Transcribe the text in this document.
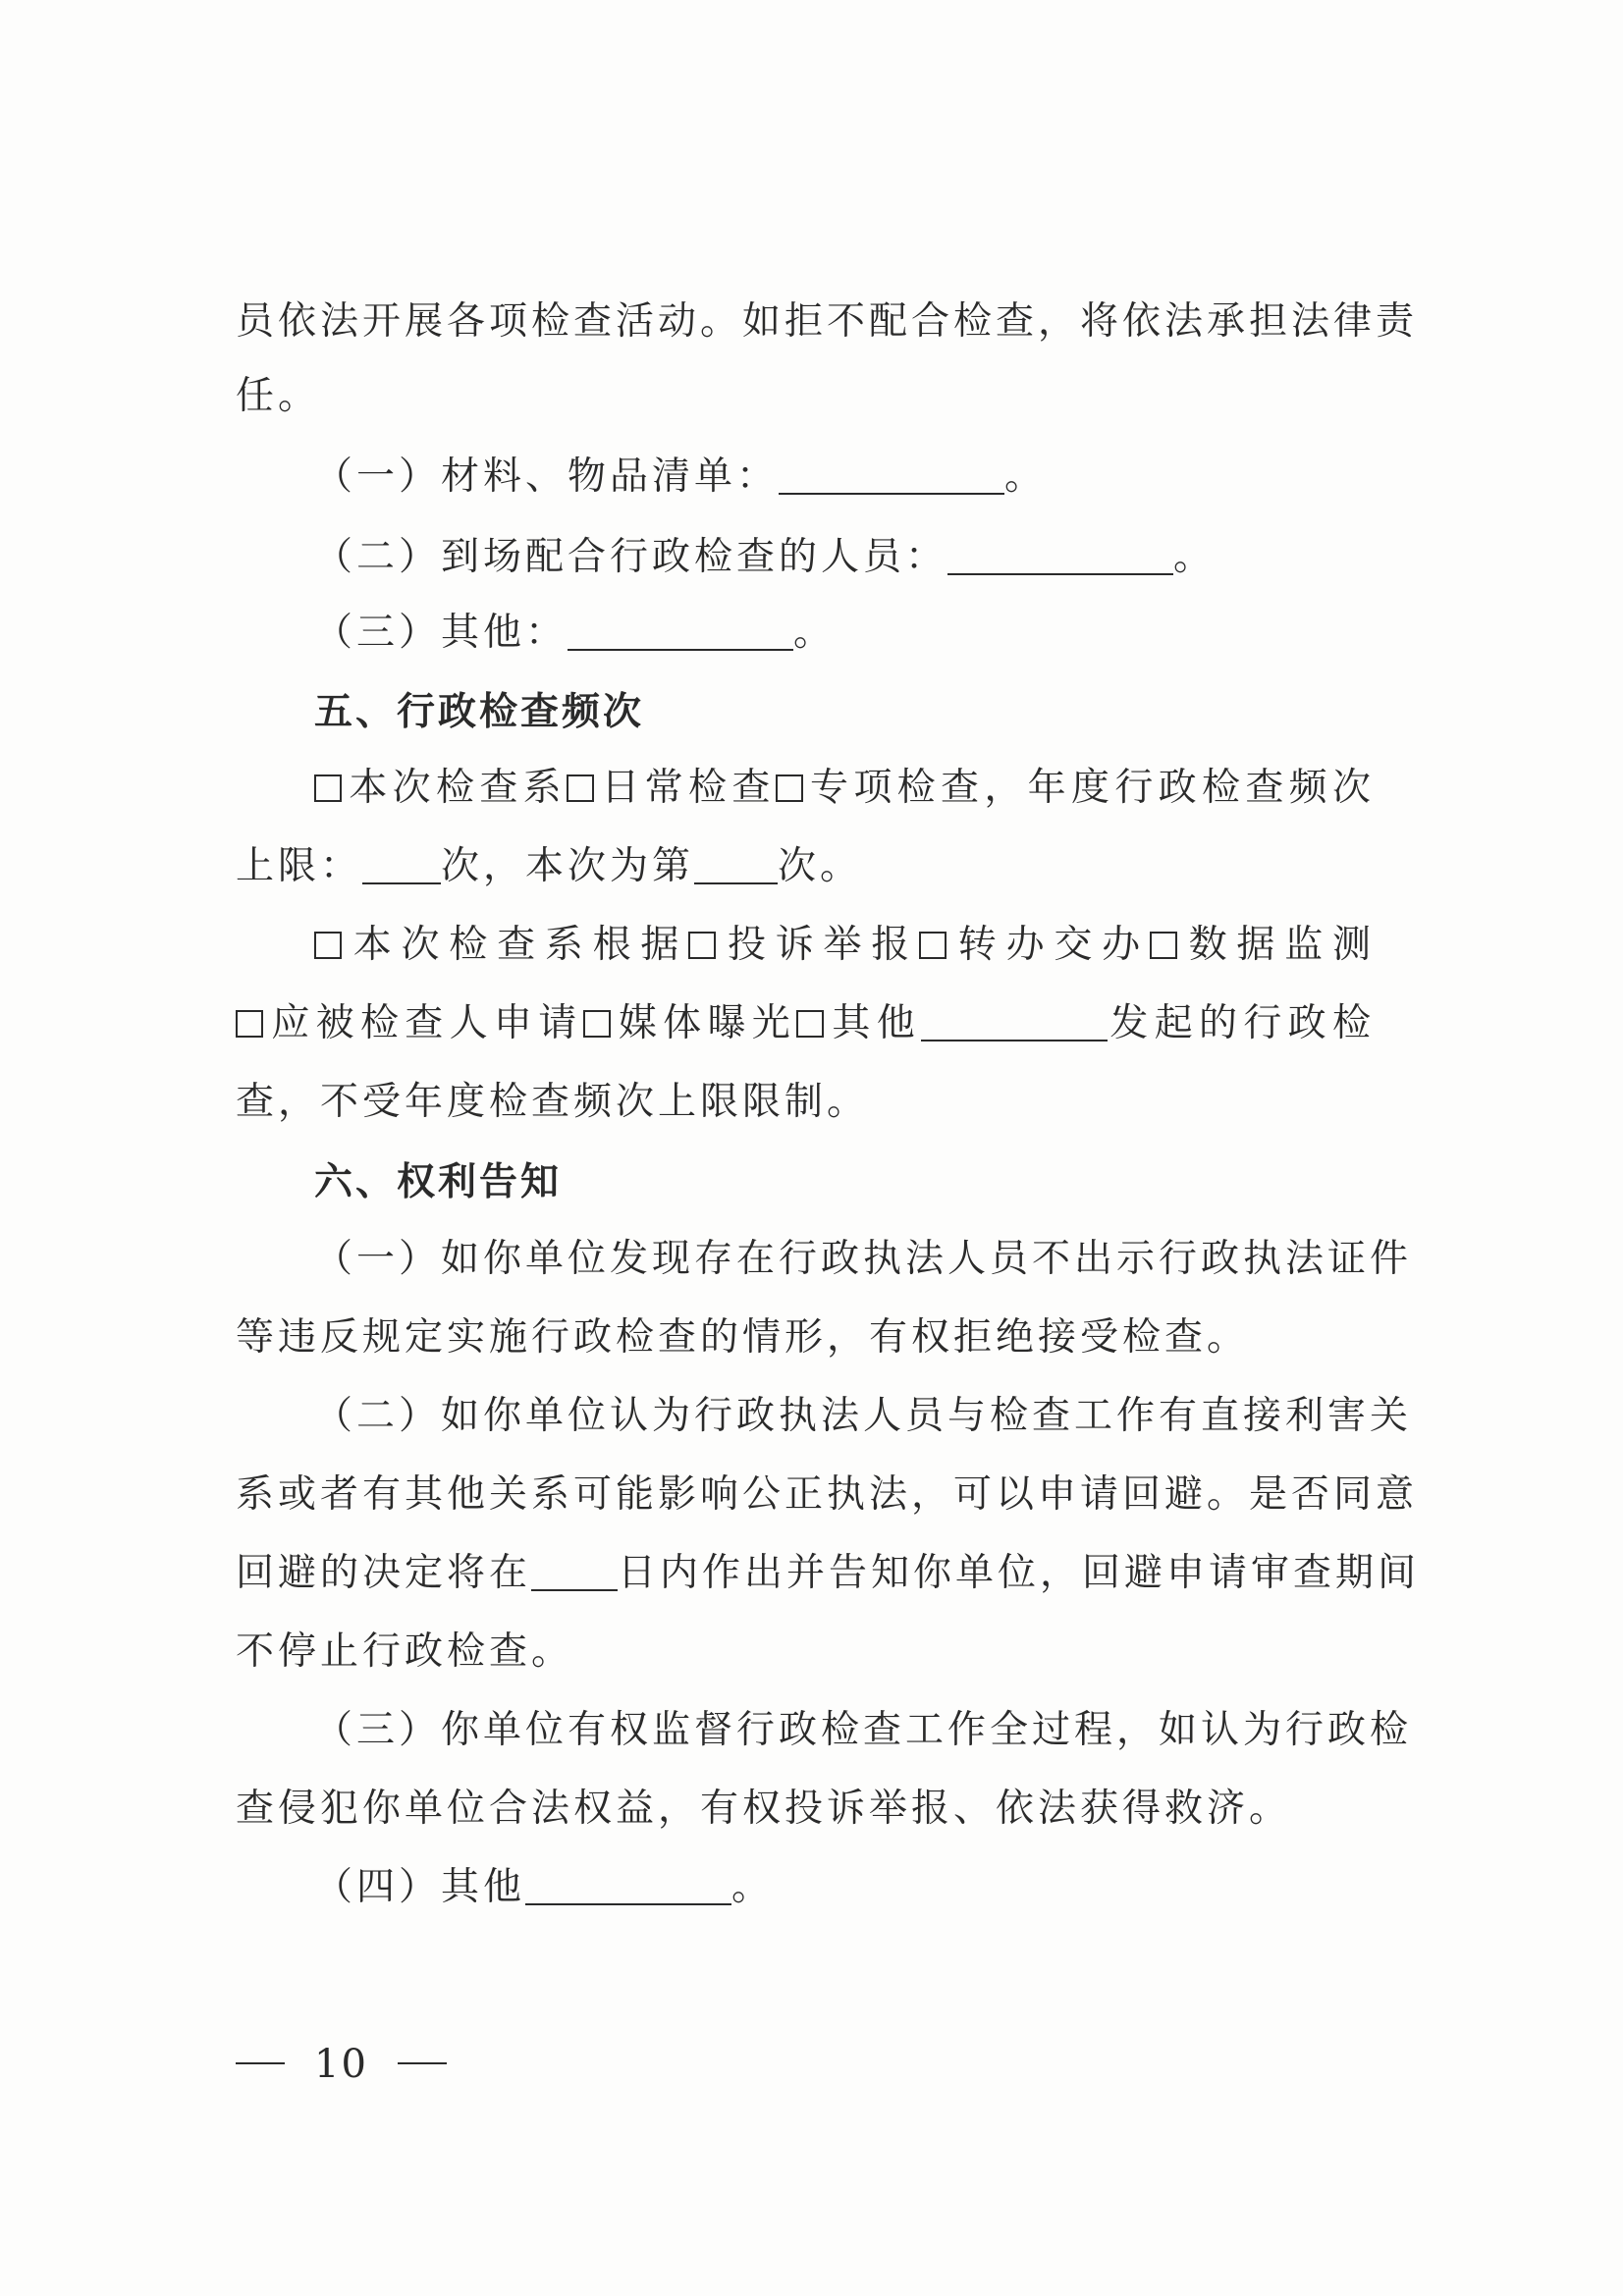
员依法开展各项检查活动。如拒不配合检查，将依法承担法律责
任。
（一）材料、物品清单：	。
（二）到场配合行政检查的人员：	。
（三）其他：	。
五、行政检查频次
本次检查系 日常检查 专项检查，年度行政检查频次
上限： 次，本次为第 次。
本次检查系根据 投诉举报 转办交办 数据监测
应被检查人申请 媒体曝光 其他	发起的行政检
查，不受年度检查频次上限限制。
六、权利告知
（一）如你单位发现存在行政执法人员不出示行政执法证件
等违反规定实施行政检查的情形，有权拒绝接受检查。
（二）如你单位认为行政执法人员与检查工作有直接利害关
系或者有其他关系可能影响公正执法，可以申请回避。是否同意
回避的决定将在 日内作出并告知你单位，回避申请审查期间
不停止行政检查。
（三）你单位有权监督行政检查工作全过程，如认为行政检
查侵犯你单位合法权益，有权投诉举报、依法获得救济。
（四）其他	。
10
